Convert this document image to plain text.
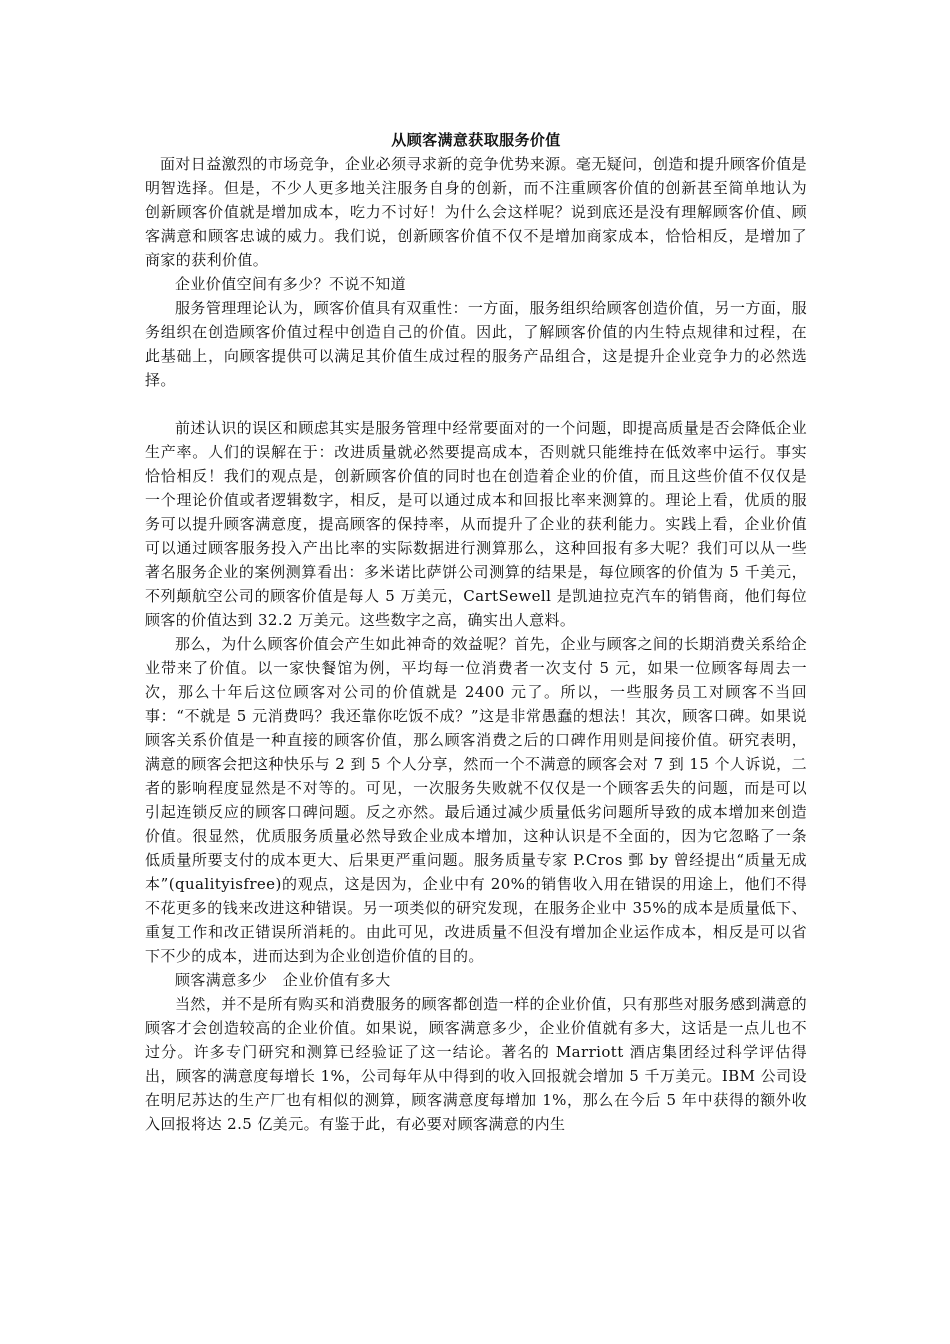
从顾客满意获取服务价值

面对日益激烈的市场竞争，企业必须寻求新的竞争优势来源。毫无疑问，创造和提升顾客价值是明智选择。但是，不少人更多地关注服务自身的创新，而不注重顾客价值的创新甚至简单地认为创新顾客价值就是增加成本，吃力不讨好！为什么会这样呢？说到底还是没有理解顾客价值、顾客满意和顾客忠诚的威力。我们说，创新顾客价值不仅不是增加商家成本，恰恰相反，是增加了商家的获利价值。

企业价值空间有多少？不说不知道

服务管理理论认为，顾客价值具有双重性：一方面，服务组织给顾客创造价值，另一方面，服务组织在创造顾客价值过程中创造自己的价值。因此，了解顾客价值的内生特点规律和过程，在此基础上，向顾客提供可以满足其价值生成过程的服务产品组合，这是提升企业竞争力的必然选择。

前述认识的误区和顾虑其实是服务管理中经常要面对的一个问题，即提高质量是否会降低企业生产率。人们的误解在于：改进质量就必然要提高成本，否则就只能维持在低效率中运行。事实恰恰相反！我们的观点是，创新顾客价值的同时也在创造着企业的价值，而且这些价值不仅仅是一个理论价值或者逻辑数字，相反，是可以通过成本和回报比率来测算的。理论上看，优质的服务可以提升顾客满意度，提高顾客的保持率，从而提升了企业的获利能力。实践上看，企业价值可以通过顾客服务投入产出比率的实际数据进行测算那么，这种回报有多大呢？我们可以从一些著名服务企业的案例测算看出：多米诺比萨饼公司测算的结果是，每位顾客的价值为 5 千美元，不列颠航空公司的顾客价值是每人 5 万美元，CartSewell 是凯迪拉克汽车的销售商，他们每位顾客的价值达到 32.2 万美元。这些数字之高，确实出人意料。

那么，为什么顾客价值会产生如此神奇的效益呢？首先，企业与顾客之间的长期消费关系给企业带来了价值。以一家快餐馆为例，平均每一位消费者一次支付 5 元，如果一位顾客每周去一次，那么十年后这位顾客对公司的价值就是 2400 元了。所以，一些服务员工对顾客不当回事：“不就是 5 元消费吗？我还靠你吃饭不成？”这是非常愚蠢的想法！其次，顾客口碑。如果说顾客关系价值是一种直接的顾客价值，那么顾客消费之后的口碑作用则是间接价值。研究表明，满意的顾客会把这种快乐与 2 到 5 个人分享，然而一个不满意的顾客会对 7 到 15 个人诉说，二者的影响程度显然是不对等的。可见，一次服务失败就不仅仅是一个顾客丢失的问题，而是可以引起连锁反应的顾客口碑问题。反之亦然。最后通过减少质量低劣问题所导致的成本增加来创造价值。很显然，优质服务质量必然导致企业成本增加，这种认识是不全面的，因为它忽略了一条低质量所要支付的成本更大、后果更严重问题。服务质量专家 P.Cros 鄄 by 曾经提出“质量无成本”(qualityisfree)的观点，这是因为，企业中有 20%的销售收入用在错误的用途上，他们不得不花更多的钱来改进这种错误。另一项类似的研究发现，在服务企业中 35%的成本是质量低下、重复工作和改正错误所消耗的。由此可见，改进质量不但没有增加企业运作成本，相反是可以省下不少的成本，进而达到为企业创造价值的目的。

顾客满意多少　企业价值有多大

当然，并不是所有购买和消费服务的顾客都创造一样的企业价值，只有那些对服务感到满意的顾客才会创造较高的企业价值。如果说，顾客满意多少，企业价值就有多大，这话是一点儿也不过分。许多专门研究和测算已经验证了这一结论。著名的 Marriott 酒店集团经过科学评估得出，顾客的满意度每增长 1%，公司每年从中得到的收入回报就会增加 5 千万美元。IBM 公司设在明尼苏达的生产厂也有相似的测算，顾客满意度每增加 1%，那么在今后 5 年中获得的额外收入回报将达 2.5 亿美元。有鉴于此，有必要对顾客满意的内生
